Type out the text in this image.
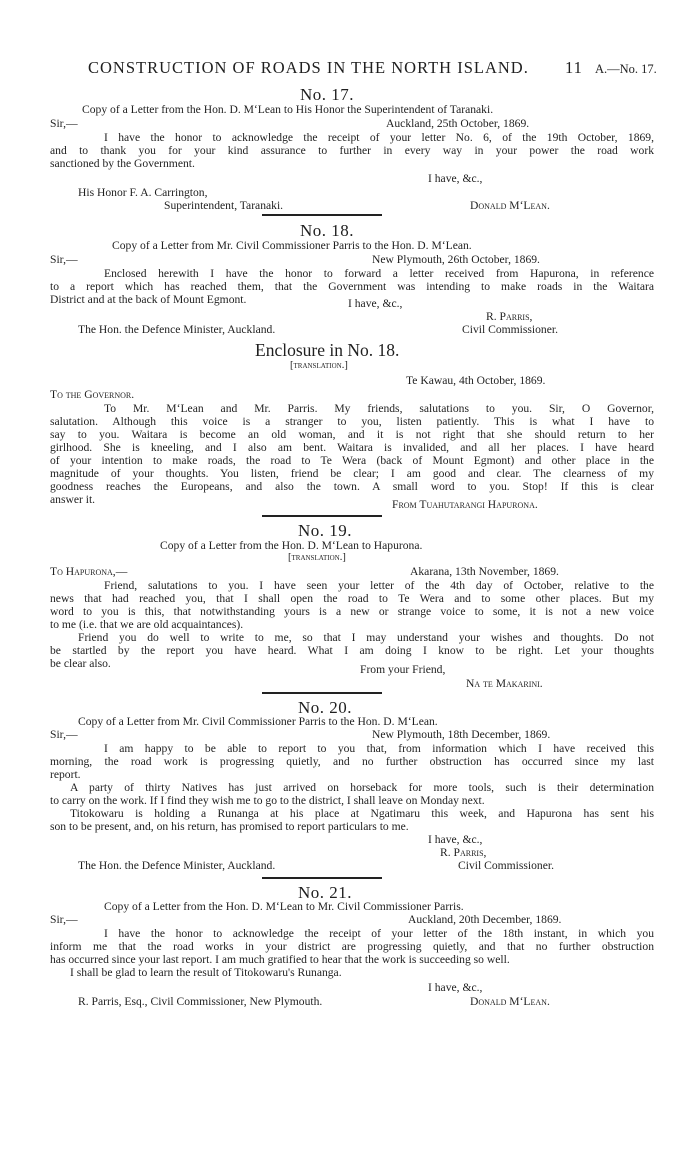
CONSTRUCTION OF ROADS IN THE NORTH ISLAND. 11 A.—No. 17.
No. 17.
Copy of a Letter from the Hon. D. M‘Lean to His Honor the Superintendent of Taranaki.
Sir,—	Auckland, 25th October, 1869.
I have the honor to acknowledge the receipt of your letter No. 6, of the 19th October, 1869,
and to thank you for your kind assurance to further in every way in your power the road work
sanctioned by the Government.
I have, &c.,
His Honor F. A. Carrington,
Superintendent, Taranaki.	Donald M‘Lean.
No. 18.
Copy of a Letter from Mr. Civil Commissioner Parris to the Hon. D. M‘Lean.
Sir,—	New Plymouth, 26th October, 1869.
Enclosed herewith I have the honor to forward a letter received from Hapurona, in reference
to a report which has reached them, that the Government was intending to make roads in the Waitara
District and at the back of Mount Egmont.	I have, &c.,
R. Parris,
The Hon. the Defence Minister, Auckland.	Civil Commissioner.
Enclosure in No. 18.
[translation.]
Te Kawau, 4th October, 1869.
To the Governor.
To Mr. M‘Lean and Mr. Parris. My friends, salutations to you. Sir, O Governor,
salutation. Although this voice is a stranger to you, listen patiently. This is what I have to
say to you. Waitara is become an old woman, and it is not right that she should return to her
girlhood. She is kneeling, and I also am bent. Waitara is invalided, and all her places. I have heard
of your intention to make roads, the road to Te Wera (back of Mount Egmont) and other place in the
magnitude of your thoughts. You listen, friend be clear; I am good and clear. The clearness of my
goodness reaches the Europeans, and also the town. A small word to you. Stop! If this is clear
answer it.	From Tuahutarangi Hapurona.
No. 19.
Copy of a Letter from the Hon. D. M‘Lean to Hapurona.
[translation.]
To Hapurona,—	Akarana, 13th November, 1869.
Friend, salutations to you. I have seen your letter of the 4th day of October, relative to the
news that had reached you, that I shall open the road to Te Wera and to some other places. But my
word to you is this, that notwithstanding yours is a new or strange voice to some, it is not a new voice
to me (i.e. that we are old acquaintances).
Friend you do well to write to me, so that I may understand your wishes and thoughts. Do not
be startled by the report you have heard. What I am doing I know to be right. Let your thoughts
be clear also.	From your Friend,
Na te Makarini.
No. 20.
Copy of a Letter from Mr. Civil Commissioner Parris to the Hon. D. M‘Lean.
Sir,—	New Plymouth, 18th December, 1869.
I am happy to be able to report to you that, from information which I have received this
morning, the road work is progressing quietly, and no further obstruction has occurred since my last
report.
A party of thirty Natives has just arrived on horseback for more tools, such is their determination
to carry on the work. If I find they wish me to go to the district, I shall leave on Monday next.
Titokowaru is holding a Runanga at his place at Ngatimaru this week, and Hapurona has sent his
son to be present, and, on his return, has promised to report particulars to me.
I have, &c.,
R. Parris,
The Hon. the Defence Minister, Auckland.	Civil Commissioner.
No. 21.
Copy of a Letter from the Hon. D. M‘Lean to Mr. Civil Commissioner Parris.
Sir,—	Auckland, 20th December, 1869.
I have the honor to acknowledge the receipt of your letter of the 18th instant, in which you
inform me that the road works in your district are progressing quietly, and that no further obstruction
has occurred since your last report. I am much gratified to hear that the work is succeeding so well.
I shall be glad to learn the result of Titokowaru's Runanga.
I have, &c.,
R. Parris, Esq., Civil Commissioner, New Plymouth.	Donald M‘Lean.
